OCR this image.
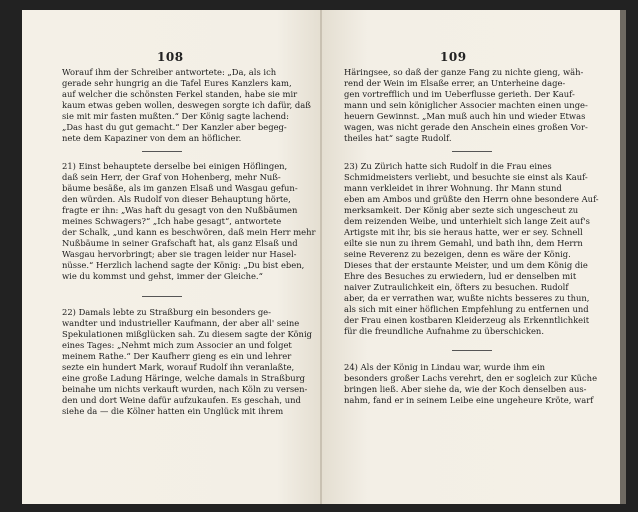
108
Worauf ihm der Schreiber antwortete: „Da, als ich
gerade sehr hungrig an die Tafel Eures Kanzlers kam,
auf welcher die schönsten Ferkel standen, habe sie mir
kaum etwas geben wollen, deswegen sorgte ich dafür, daß
sie mit mir fasten mußten.“ Der König sagte lachend:
„Das hast du gut gemacht.“ Der Kanzler aber begeg-
nete dem Kapaziner von dem an höflicher.
21) Einst behauptete derselbe bei einigen Höflingen,
daß sein Herr, der Graf von Hohenberg, mehr Nuß-
bäume besäße, als im ganzen Elsaß und Wasgau gefun-
den würden. Als Rudolf von dieser Behauptung hörte,
fragte er ihn: „Was haft du gesagt von den Nußbäumen
meines Schwagers?“ „Ich habe gesagt“, antwortete
der Schalk, „und kann es beschwören, daß mein Herr mehr
Nußbäume in seiner Grafschaft hat, als ganz Elsaß und
Wasgau hervorbringt; aber sie tragen leider nur Hasel-
nüsse.“ Herzlich lachend sagte der König: „Du bist eben,
wie du kommst und gehst, immer der Gleiche.“
22) Damals lebte zu Straßburg ein besonders ge-
wandter und industrieller Kaufmann, der aber all' seine
Spekulationen mißglücken sah. Zu diesem sagte der König
eines Tages: „Nehmt mich zum Associer an und folget
meinem Rathe.“ Der Kaufherr gieng es ein und lehrer
sezte ein hundert Mark, worauf Rudolf ihn veranlaßte,
eine große Ladung Häringe, welche damals in Straßburg
beinahe um nichts verkauft wurden, nach Köln zu versen-
den und dort Weine dafür aufzukaufen. Es geschah, und
siehe da — die Kölner hatten ein Unglück mit ihrem
109
Häringsee, so daß der ganze Fang zu nichte gieng, wäh-
rend der Wein im Elsaße errer, an Unterheine dage-
gen vortrefflich und im Ueberflusse gerieth. Der Kauf-
mann und sein königlicher Associer machten einen unge-
heuern Gewinnst. „Man muß auch hin und wieder Etwas
wagen, was nicht gerade den Anschein eines großen Vor-
theiles hat“ sagte Rudolf.
23) Zu Zürich hatte sich Rudolf in die Frau eines
Schmidmeisters verliebt, und besuchte sie einst als Kauf-
mann verkleidet in ihrer Wohnung. Ihr Mann stund
eben am Ambos und grüßte den Herrn ohne besondere Auf-
merksamkeit. Der König aber sezte sich ungescheut zu
dem reizenden Weibe, und unterhielt sich lange Zeit auf's
Artigste mit ihr, bis sie heraus hatte, wer er sey. Schnell
eilte sie nun zu ihrem Gemahl, und bath ihn, dem Herrn
seine Reverenz zu bezeigen, denn es wäre der König.
Dieses that der erstaunte Meister, und um dem König die
Ehre des Besuches zu erwiedern, lud er denselben mit
naiver Zutraulichkeit ein, öfters zu besuchen. Rudolf
aber, da er verrathen war, wußte nichts besseres zu thun,
als sich mit einer höflichen Empfehlung zu entfernen und
der Frau einen kostbaren Kleiderzeug als Erkenntlichkeit
für die freundliche Aufnahme zu überschicken.
24) Als der König in Lindau war, wurde ihm ein
besonders großer Lachs verehrt, den er sogleich zur Küche
bringen ließ. Aber siehe da, wie der Koch denselben aus-
nahm, fand er in seinem Leibe eine ungeheure Kröte, warf
